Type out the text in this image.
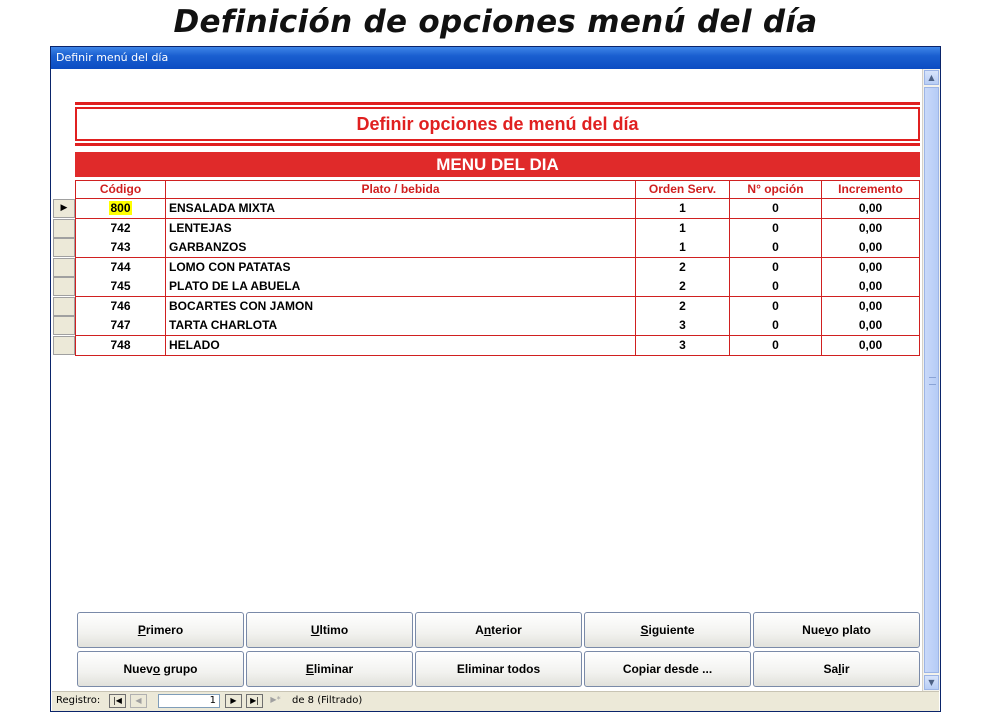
Definición de opciones menú del día
Definir menú del día
Definir opciones de menú del día
MENU DEL DIA
Código	Plato / bebida	Orden Serv.	N° opción	Incremento
▶	800	ENSALADA MIXTA	1	0	0,00
742	LENTEJAS	1	0	0,00
743	GARBANZOS	1	0	0,00
744	LOMO CON PATATAS	2	0	0,00
745	PLATO DE LA ABUELA	2	0	0,00
746	BOCARTES CON JAMON	2	0	0,00
747	TARTA CHARLOTA	3	0	0,00
748	HELADO	3	0	0,00
Primero	Ultimo	Anterior	Siguiente	Nuevo plato
Nuevo grupo	Eliminar	Eliminar todos	Copiar desde ...	Salir
▲
▼
Registro:	|◀	◀	1	▶	▶|	▶*	de 8 (Filtrado)
